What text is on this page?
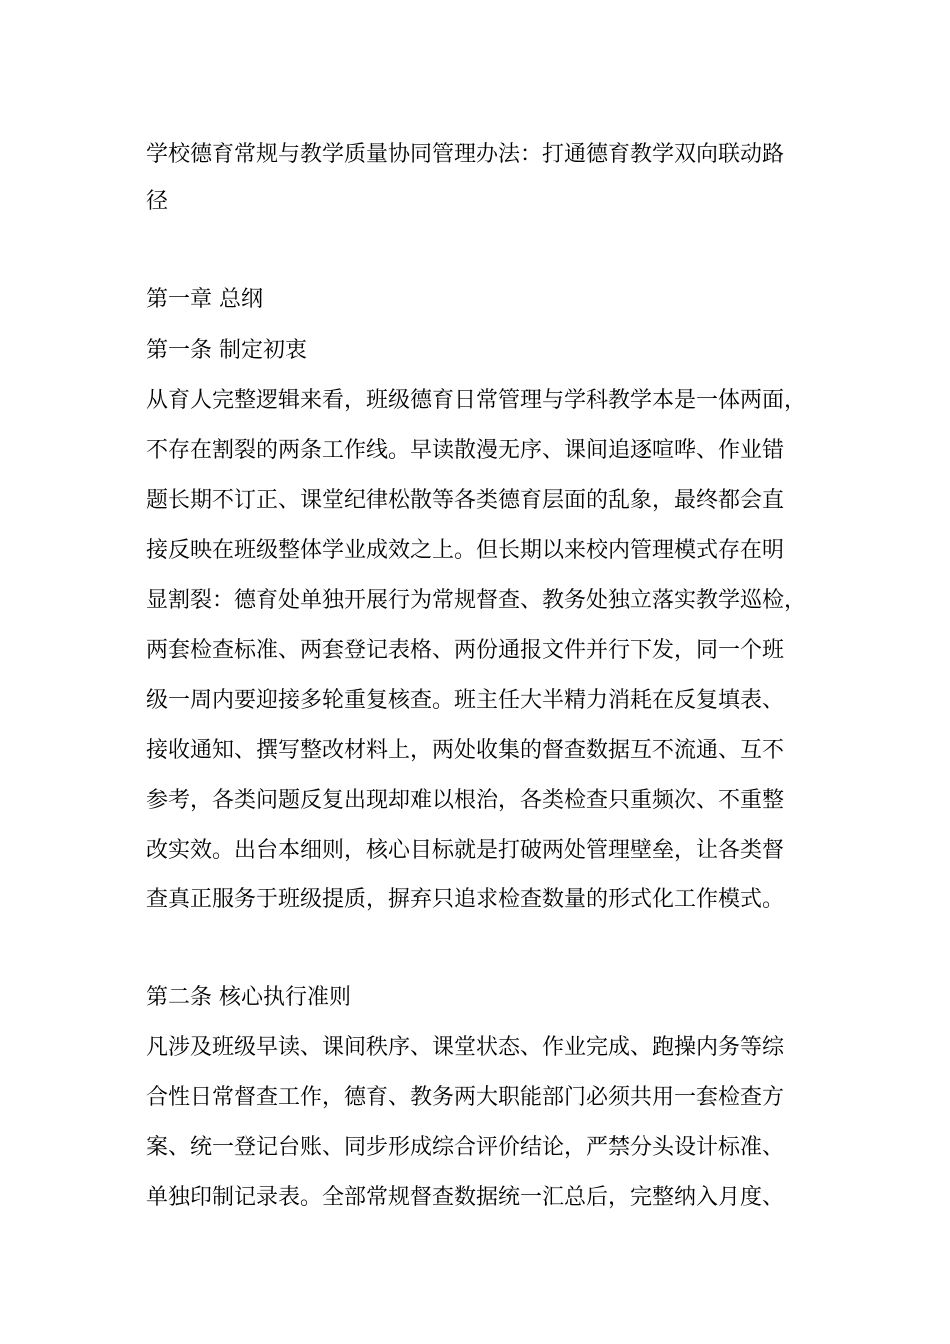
学校德育常规与教学质量协同管理办法：打通德育教学双向联动路

径

第一章 总纲

第一条 制定初衷

从育人完整逻辑来看，班级德育日常管理与学科教学本是一体两面，

不存在割裂的两条工作线。早读散漫无序、课间追逐喧哗、作业错

题长期不订正、课堂纪律松散等各类德育层面的乱象，最终都会直

接反映在班级整体学业成效之上。但长期以来校内管理模式存在明

显割裂：德育处单独开展行为常规督查、教务处独立落实教学巡检，

两套检查标准、两套登记表格、两份通报文件并行下发，同一个班

级一周内要迎接多轮重复核查。班主任大半精力消耗在反复填表、

接收通知、撰写整改材料上，两处收集的督查数据互不流通、互不

参考，各类问题反复出现却难以根治，各类检查只重频次、不重整

改实效。出台本细则，核心目标就是打破两处管理壁垒，让各类督

查真正服务于班级提质，摒弃只追求检查数量的形式化工作模式。

第二条 核心执行准则

凡涉及班级早读、课间秩序、课堂状态、作业完成、跑操内务等综

合性日常督查工作，德育、教务两大职能部门必须共用一套检查方

案、统一登记台账、同步形成综合评价结论，严禁分头设计标准、

单独印制记录表。全部常规督查数据统一汇总后，完整纳入月度、
